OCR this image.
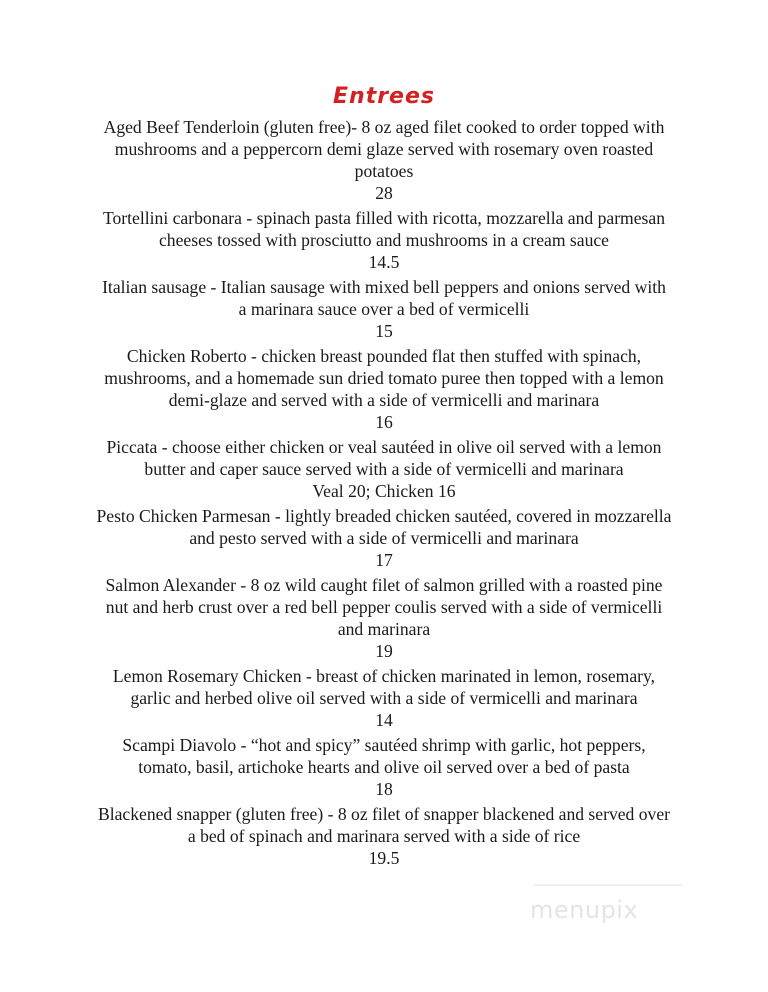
Entrees

Aged Beef Tenderloin (gluten free)- 8 oz aged filet cooked to order topped with mushrooms and a peppercorn demi glaze served with rosemary oven roasted potatoes

28

Tortellini carbonara - spinach pasta filled with ricotta, mozzarella and parmesan cheeses tossed with prosciutto and mushrooms in a cream sauce

14.5

Italian sausage - Italian sausage with mixed bell peppers and onions served with a marinara sauce over a bed of vermicelli

15

Chicken Roberto - chicken breast pounded flat then stuffed with spinach, mushrooms, and a homemade sun dried tomato puree then topped with a lemon demi-glaze and served with a side of vermicelli and marinara

16

Piccata - choose either chicken or veal sautéed in olive oil served with a lemon butter and caper sauce served with a side of vermicelli and marinara

Veal 20; Chicken 16

Pesto Chicken Parmesan - lightly breaded chicken sautéed, covered in mozzarella and pesto served with a side of vermicelli and marinara

17

Salmon Alexander - 8 oz wild caught filet of salmon grilled with a roasted pine nut and herb crust over a red bell pepper coulis served with a side of vermicelli and marinara

19

Lemon Rosemary Chicken - breast of chicken marinated in lemon, rosemary, garlic and herbed olive oil served with a side of vermicelli and marinara

14

Scampi Diavolo - “hot and spicy” sautéed shrimp with garlic, hot peppers, tomato, basil, artichoke hearts and olive oil served over a bed of pasta

18

Blackened snapper (gluten free) - 8 oz filet of snapper blackened and served over a bed of spinach and marinara served with a side of rice

19.5

menupix
